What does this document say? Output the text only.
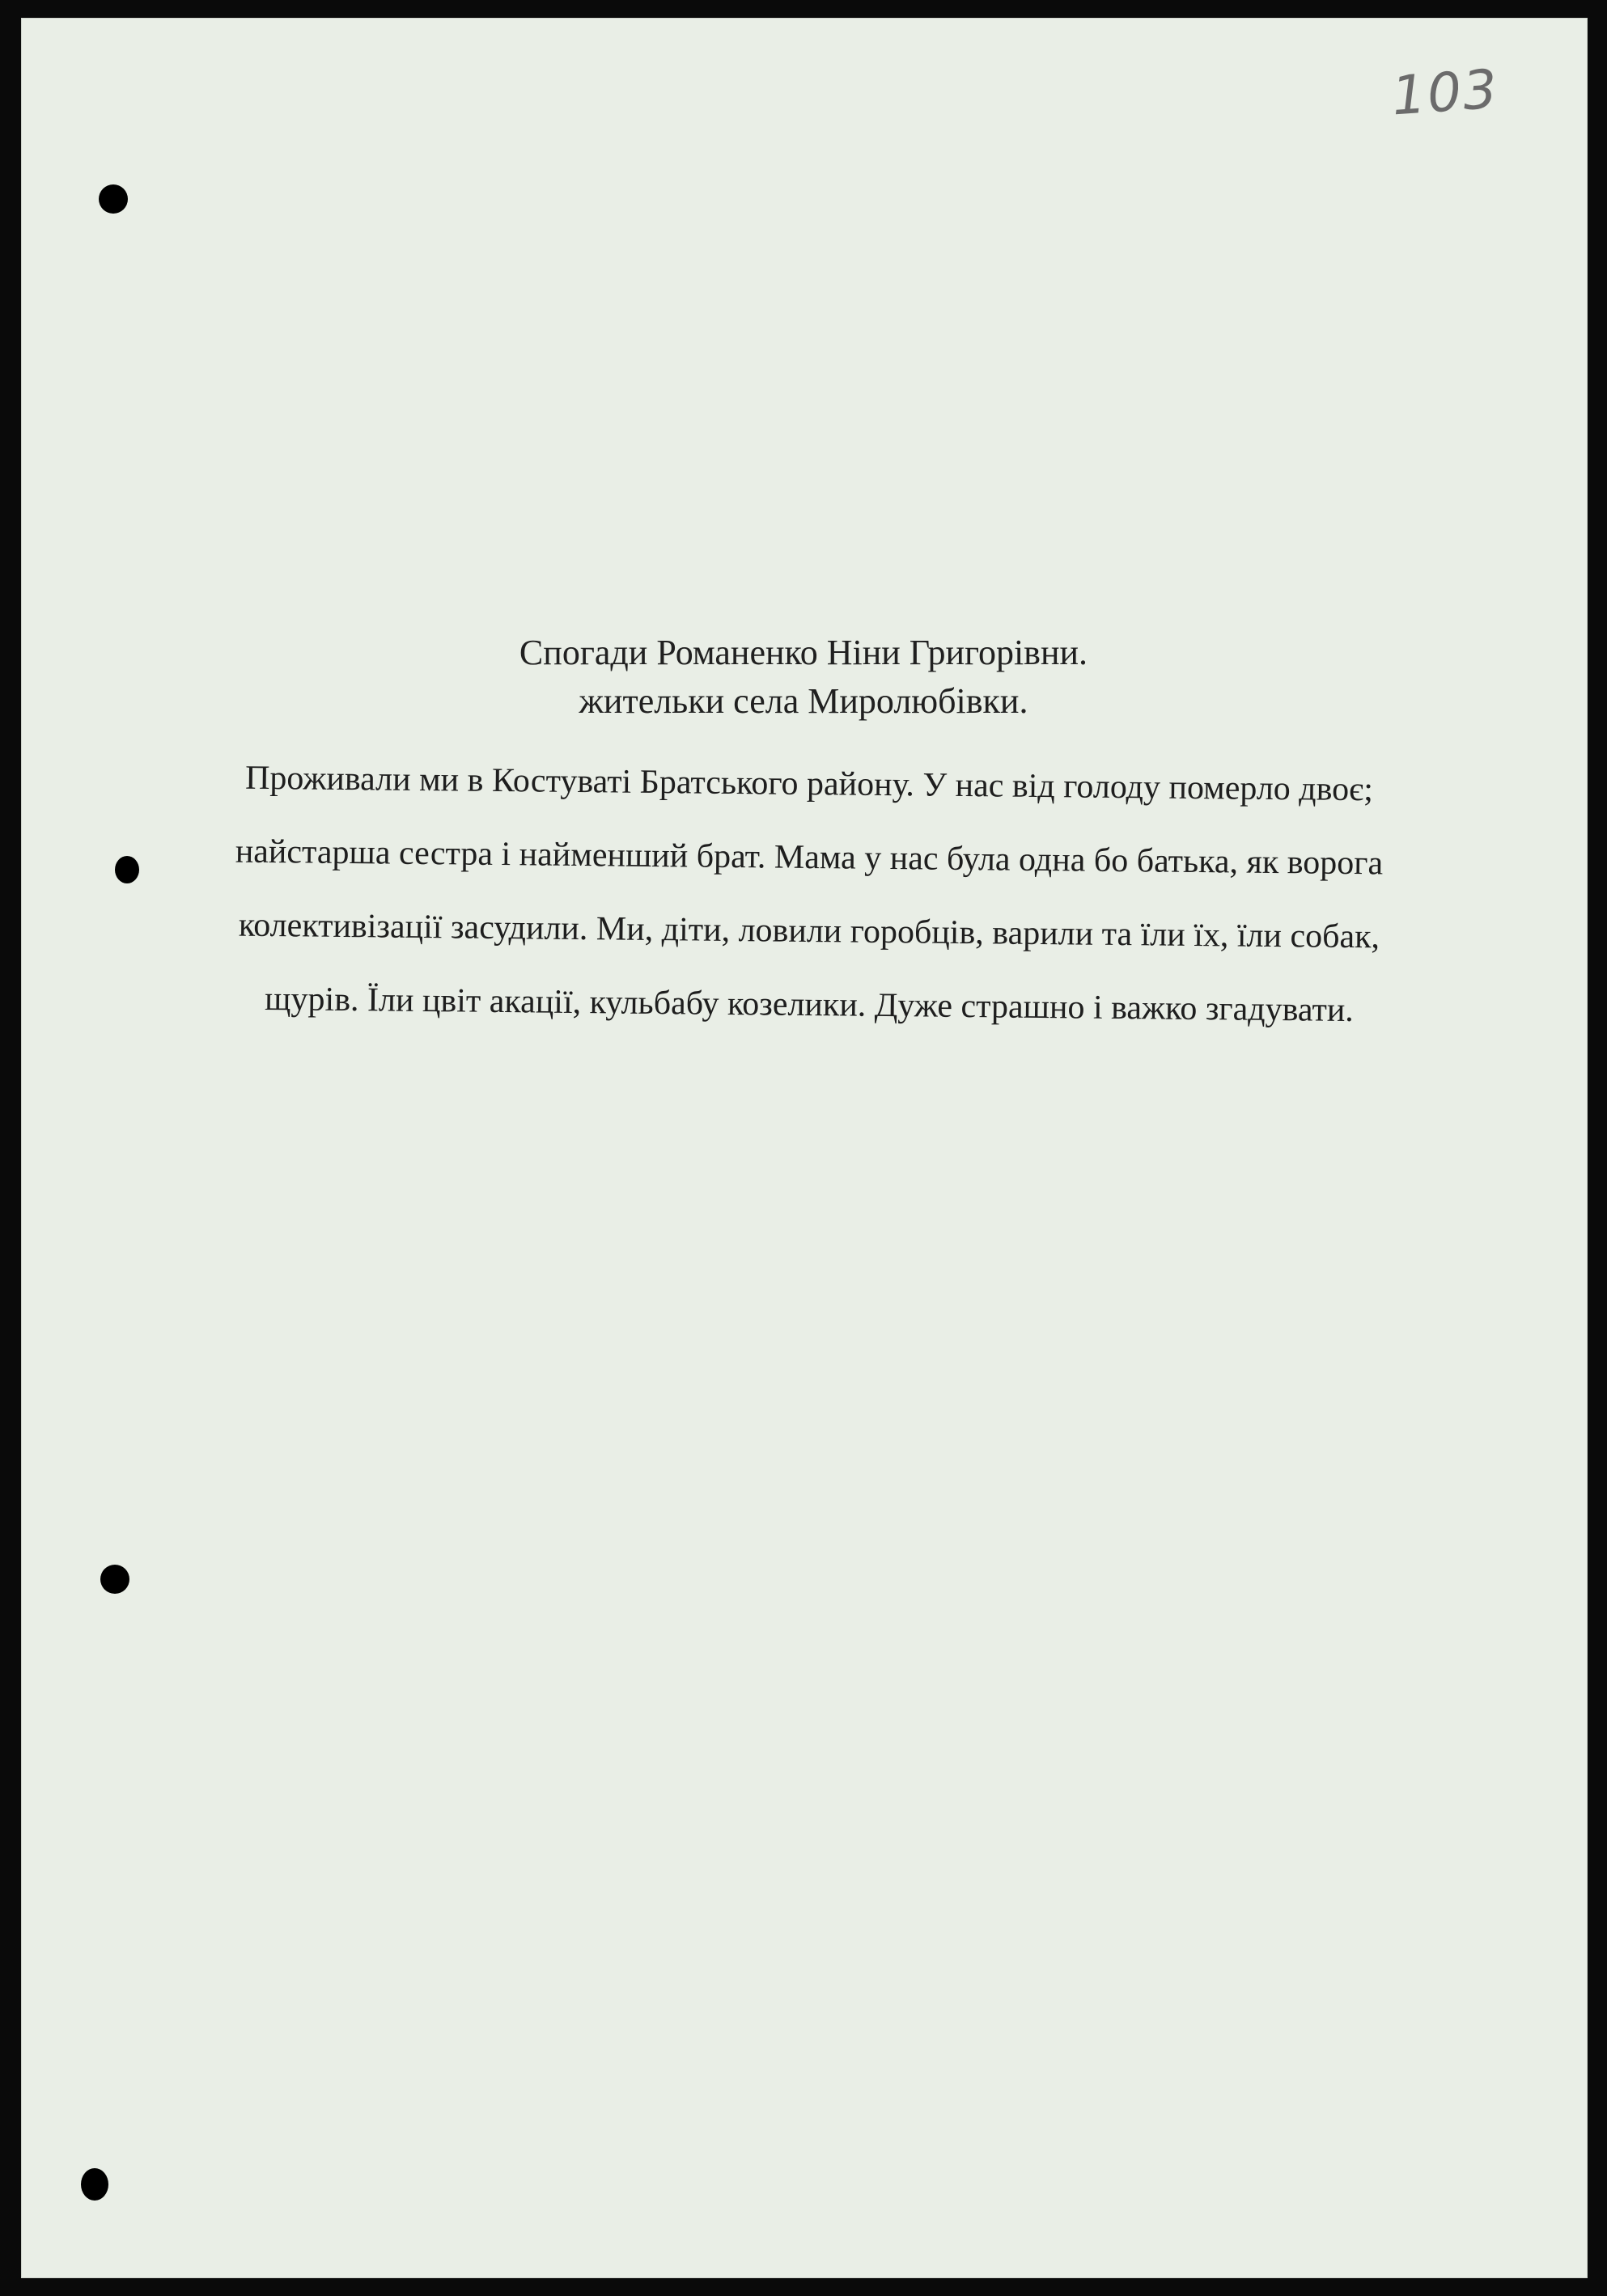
103
Спогади Романенко Ніни Григорівни.
жительки села Миролюбівки.
Проживали ми в Костуваті Братського району. У нас від голоду померло двоє;
найстарша сестра і найменший брат. Мама у нас була одна бо батька, як ворога
колективізації засудили. Ми, діти, ловили горобців, варили та їли їх, їли собак,
щурів. Їли цвіт акації, кульбабу козелики. Дуже страшно і важко згадувати.
